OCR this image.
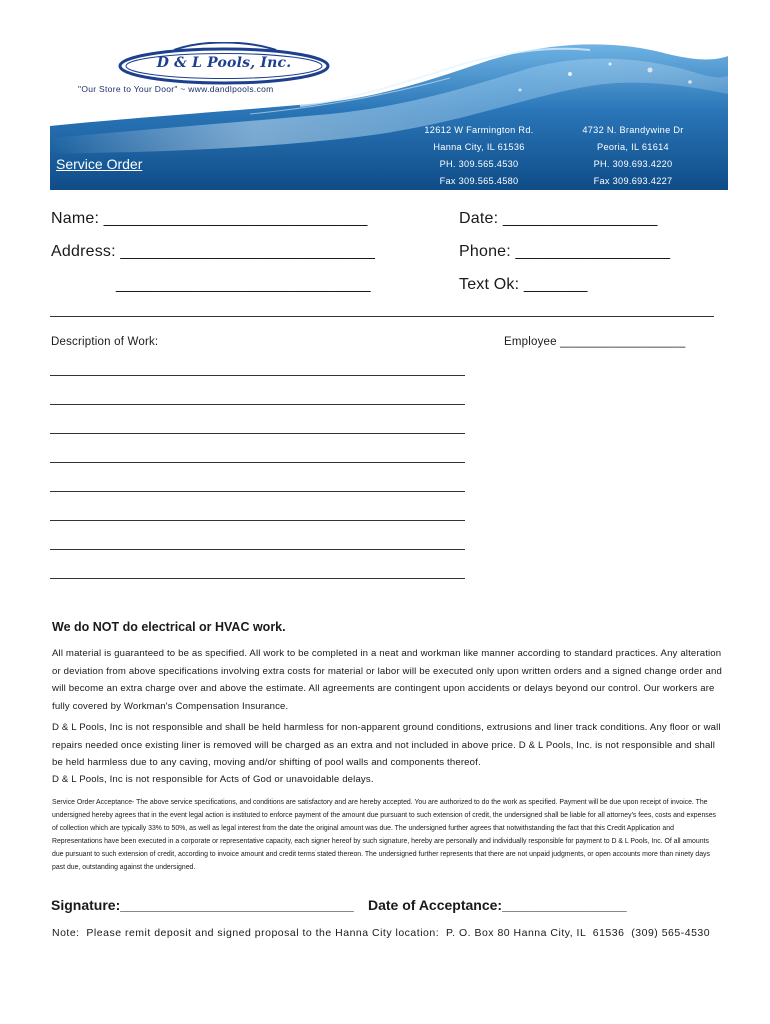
D & L Pools, Inc.
"Our Store to Your Door" ~ www.dandlpools.com
Service Order
12612 W Farmington Rd.
Hanna City, IL 61536
PH. 309.565.4530
Fax 309.565.4580
4732 N. Brandywine Dr
Peoria, IL 61614
PH. 309.693.4220
Fax 309.693.4227
Name: _____________________________	Date: _________________
Address: ____________________________	Phone: _________________
____________________________	Text Ok: _______
Description of Work:	Employee ___________________
We do NOT do electrical or HVAC work.
All material is guaranteed to be as specified. All work to be completed in a neat and workman like manner according to standard practices. Any alteration or deviation from above specifications involving extra costs for material or labor will be executed only upon written orders and a signed change order and will become an extra charge over and above the estimate. All agreements are contingent upon accidents or delays beyond our control. Our workers are fully covered by Workman's Compensation Insurance.
D & L Pools, Inc is not responsible and shall be held harmless for non-apparent ground conditions, extrusions and liner track conditions. Any floor or wall repairs needed once existing liner is removed will be charged as an extra and not included in above price. D & L Pools, Inc. is not responsible and shall be held harmless due to any caving, moving and/or shifting of pool walls and components thereof.
D & L Pools, Inc is not responsible for Acts of God or unavoidable delays.
Service Order Acceptance- The above service specifications, and conditions are satisfactory and are hereby accepted. You are authorized to do the work as specified. Payment will be due upon receipt of invoice. The undersigned hereby agrees that in the event legal action is instituted to enforce payment of the amount due pursuant to such extension of credit, the undersigned shall be liable for all attorney's fees, costs and expenses of collection which are typically 33% to 50%, as well as legal interest from the date the original amount was due. The undersigned further agrees that notwithstanding the fact that this Credit Application and Representations have been executed in a corporate or representative capacity, each signer hereof by such signature, hereby are personally and individually responsible for payment to D & L Pools, Inc. Of all amounts due pursuant to such extension of credit, according to invoice amount and credit terms stated thereon. The undersigned further represents that there are not unpaid judgments, or open accounts more than ninety days past due, outstanding against the undersigned.
Signature:______________________________ Date of Acceptance:________________
Note:  Please remit deposit and signed proposal to the Hanna City location:  P. O. Box 80 Hanna City, IL  61536  (309) 565-4530
